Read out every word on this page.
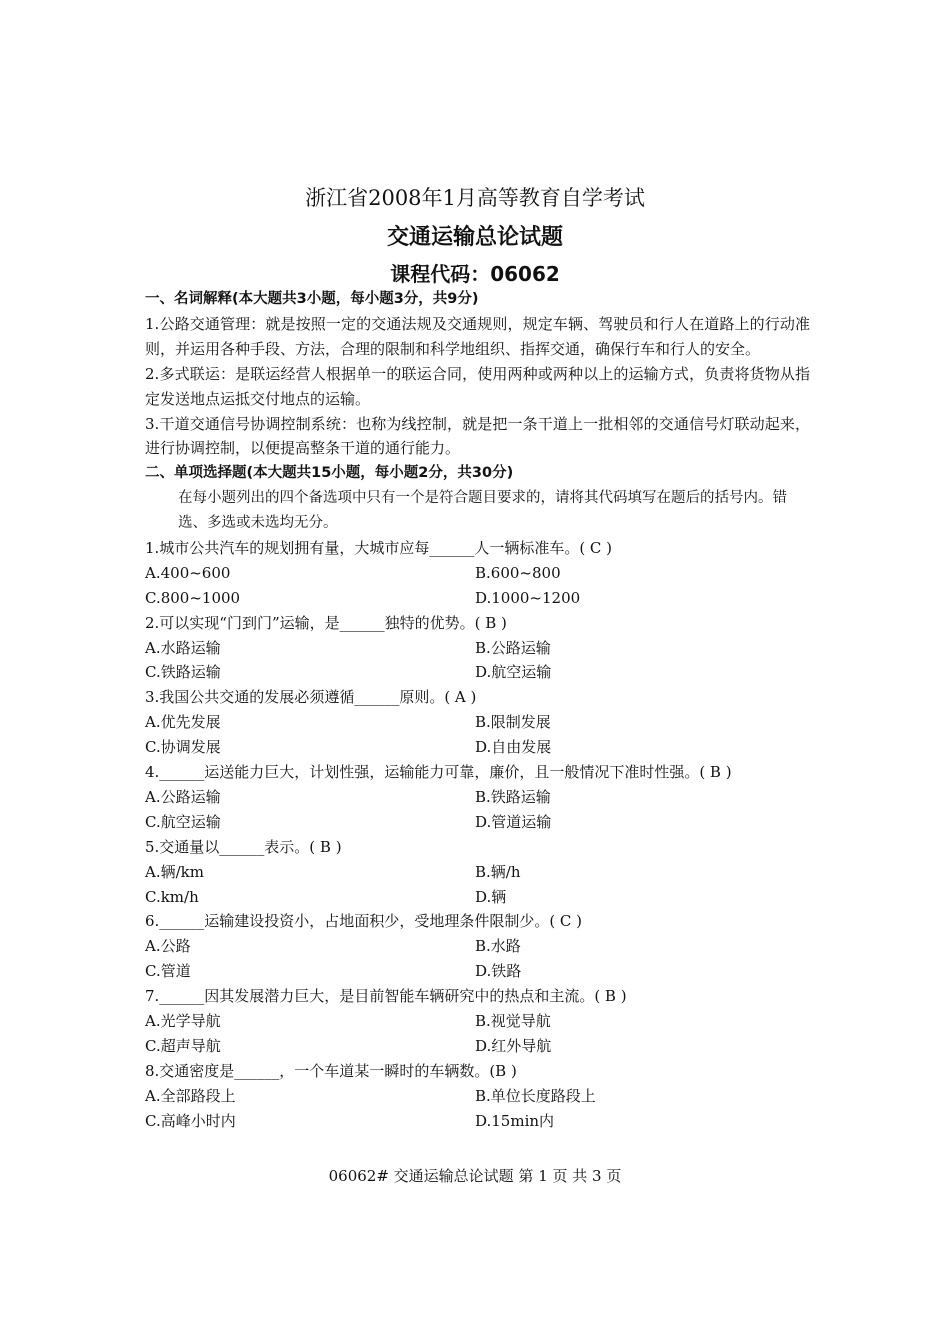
浙江省2008年1月高等教育自学考试
交通运输总论试题
课程代码：06062
一、名词解释(本大题共3小题，每小题3分，共9分)
1.公路交通管理：就是按照一定的交通法规及交通规则，规定车辆、驾驶员和行人在道路上的行动准则，并运用各种手段、方法，合理的限制和科学地组织、指挥交通，确保行车和行人的安全。
2.多式联运：是联运经营人根据单一的联运合同，使用两种或两种以上的运输方式，负责将货物从指定发送地点运抵交付地点的运输。
3.干道交通信号协调控制系统：也称为线控制，就是把一条干道上一批相邻的交通信号灯联动起来，进行协调控制，以便提高整条干道的通行能力。
二、单项选择题(本大题共15小题，每小题2分，共30分)
在每小题列出的四个备选项中只有一个是符合题目要求的，请将其代码填写在题后的括号内。错选、多选或未选均无分。
1.城市公共汽车的规划拥有量，大城市应每______人一辆标准车。( C )
A.400~600	B.600~800
C.800~1000	D.1000~1200
2.可以实现“门到门”运输，是______独特的优势。( B )
A.水路运输	B.公路运输
C.铁路运输	D.航空运输
3.我国公共交通的发展必须遵循______原则。( A )
A.优先发展	B.限制发展
C.协调发展	D.自由发展
4.______运送能力巨大，计划性强，运输能力可靠，廉价，且一般情况下准时性强。( B )
A.公路运输	B.铁路运输
C.航空运输	D.管道运输
5.交通量以______表示。( B )
A.辆/km	B.辆/h
C.km/h	D.辆
6.______运输建设投资小，占地面积少，受地理条件限制少。( C )
A.公路	B.水路
C.管道	D.铁路
7.______因其发展潜力巨大，是目前智能车辆研究中的热点和主流。( B )
A.光学导航	B.视觉导航
C.超声导航	D.红外导航
8.交通密度是______，一个车道某一瞬时的车辆数。(B )
A.全部路段上	B.单位长度路段上
C.高峰小时内	D.15min内
06062# 交通运输总论试题 第 1 页 共 3 页
